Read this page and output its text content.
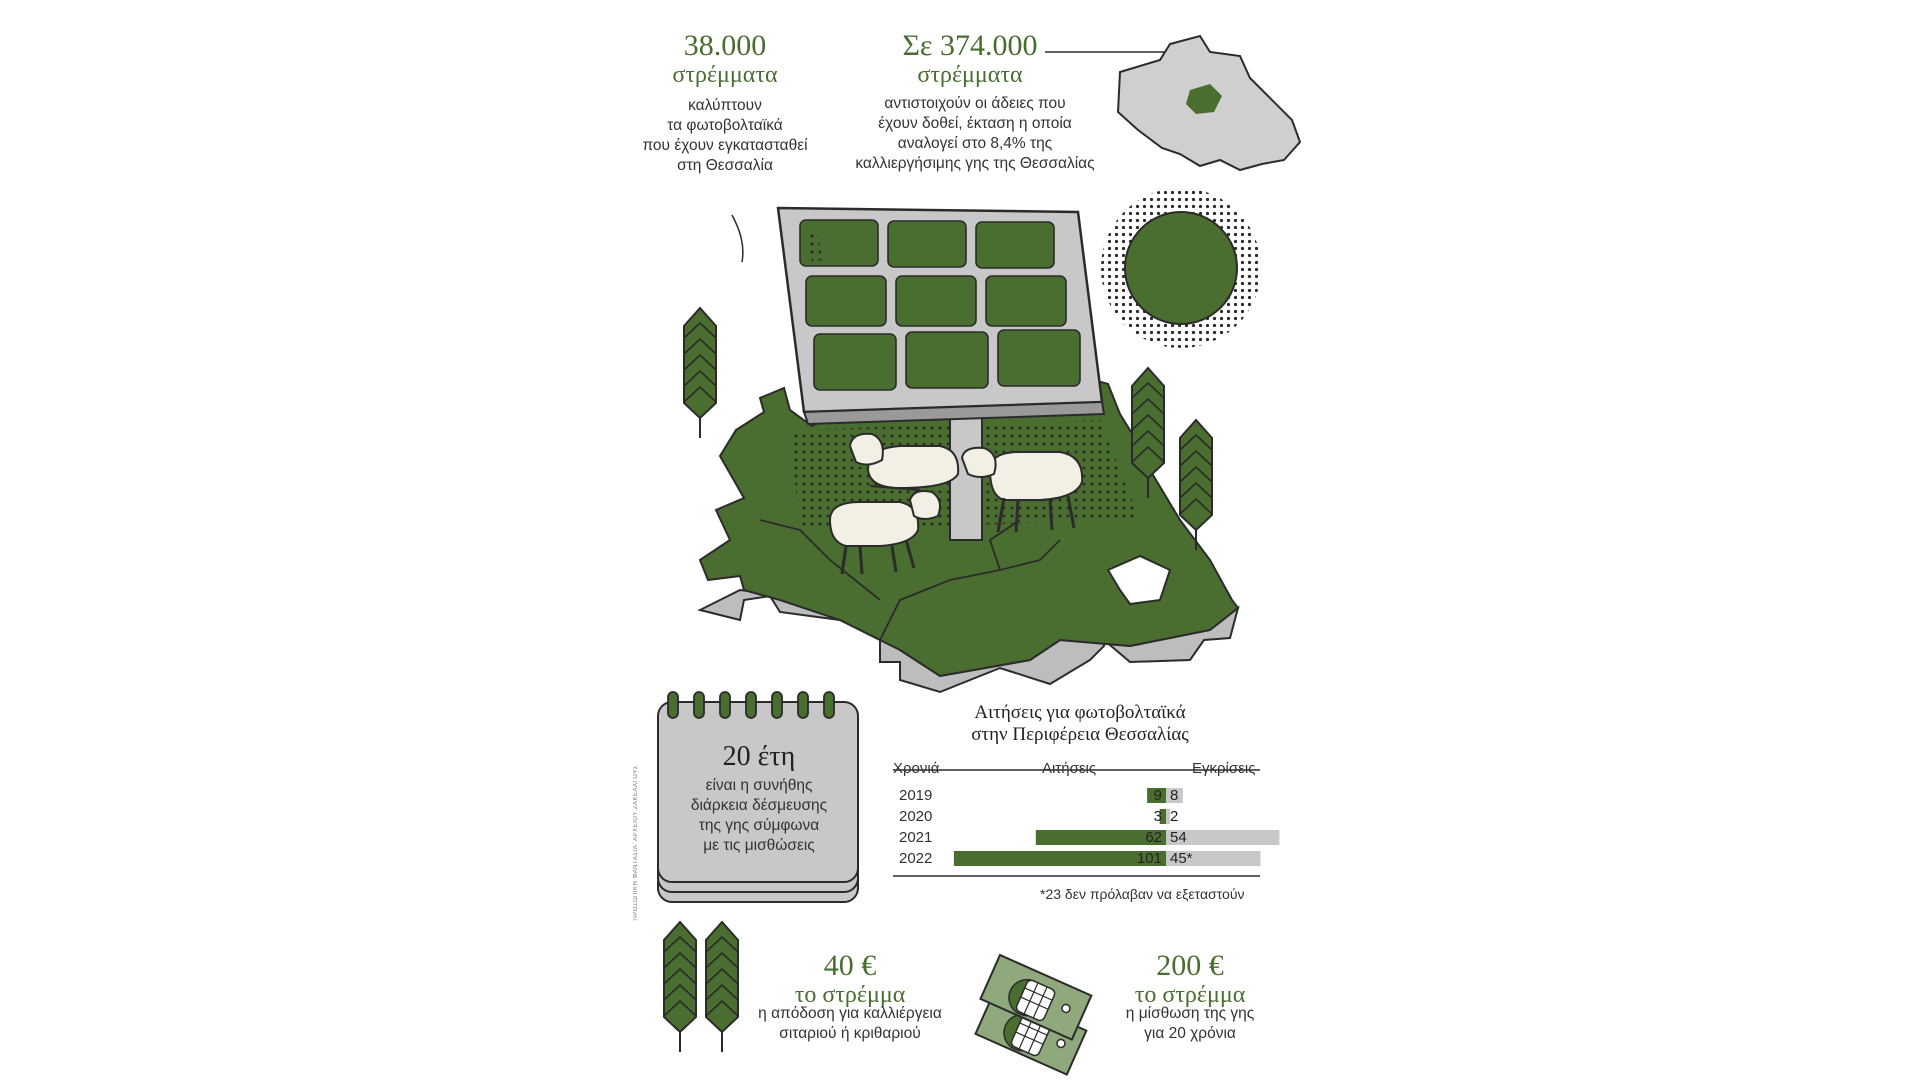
38.000
στρέμματα
καλύπτουν
τα φωτοβολταϊκά
που έχουν εγκατασταθεί
στη Θεσσαλία
Σε 374.000
στρέμματα
αντιστοιχούν οι άδειες που
έχουν δοθεί, έκταση η οποία
αναλογεί στο 8,4% της
καλλιεργήσιμης γης της Θεσσαλίας
20 έτη
είναι η συνήθης
διάρκεια δέσμευσης
της γης σύμφωνα
με τις μισθώσεις
ΠΡΟΣΩΠΙΚΗ ΦΑΝΤΑΣΙΑ: ΑΡΧΕΙΟΥ ΖΑΚΕΛΑΓΟΥΣ
Αιτήσεις για φωτοβολταϊκά
στην Περιφέρεια Θεσσαλίας
Χρονιά	Αιτήσεις	Εγκρίσεις
*23 δεν πρόλαβαν να εξεταστούν
2019	9 8
2020	3 2
2021	62 54
2022	101 45*
40 €
το στρέμμα
η απόδοση για καλλιέργεια
σιταριού ή κριθαριού
200 €
το στρέμμα
η μίσθωση της γης
για 20 χρόνια
